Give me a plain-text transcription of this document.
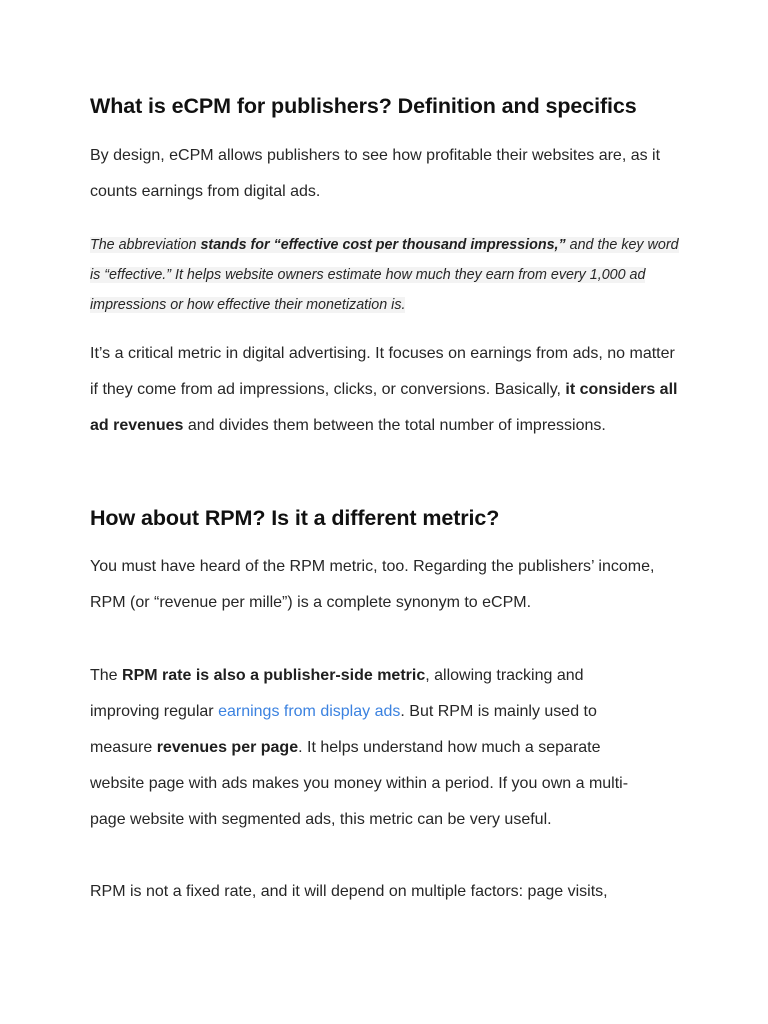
What is eCPM for publishers? Definition and specifics

By design, eCPM allows publishers to see how profitable their websites are, as it counts earnings from digital ads.

The abbreviation stands for “effective cost per thousand impressions,” and the key word is “effective.” It helps website owners estimate how much they earn from every 1,000 ad impressions or how effective their monetization is.

It’s a critical metric in digital advertising. It focuses on earnings from ads, no matter if they come from ad impressions, clicks, or conversions. Basically, it considers all ad revenues and divides them between the total number of impressions.

How about RPM? Is it a different metric?

You must have heard of the RPM metric, too. Regarding the publishers’ income, RPM (or “revenue per mille”) is a complete synonym to eCPM.

The RPM rate is also a publisher-side metric, allowing tracking and improving regular earnings from display ads. But RPM is mainly used to measure revenues per page. It helps understand how much a separate website page with ads makes you money within a period. If you own a multi-page website with segmented ads, this metric can be very useful.

RPM is not a fixed rate, and it will depend on multiple factors: page visits,
